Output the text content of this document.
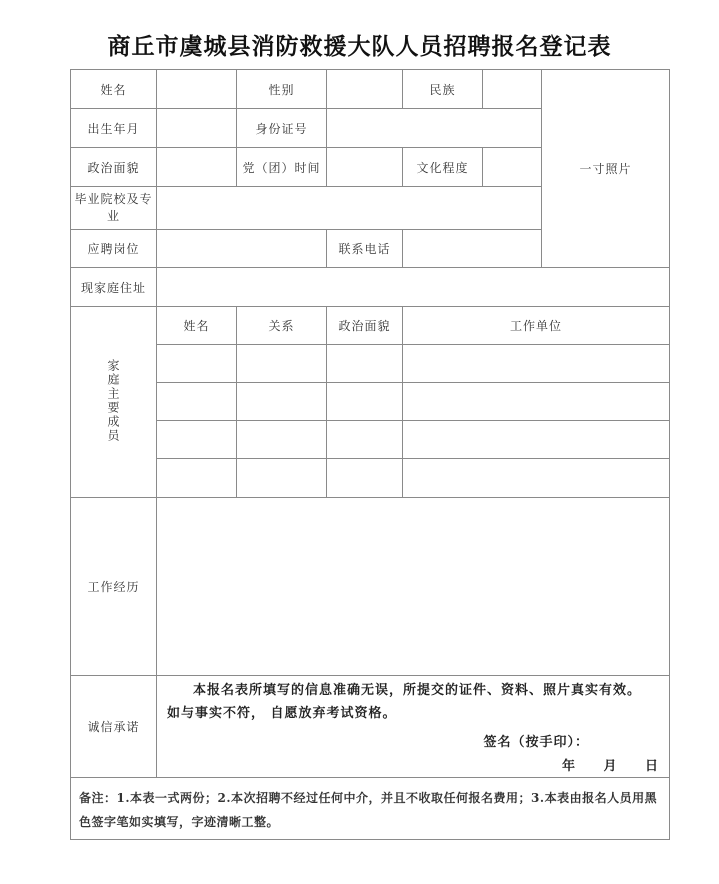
商丘市虞城县消防救援大队人员招聘报名登记表
姓名		性别		民族		一寸照片
出生年月		身份证号				
政治面貌		党（团）时间		文化程度		
毕业院校及专业						
应聘岗位			联系电话			
现家庭住址						
家庭主要成员	姓名	关系	政治面貌	工作单位		

工作经历						
诚信承诺	本报名表所填写的信息准确无误，所提交的证件、资料、照片真实有效。

如与事实不符， 自愿放弃考试资格。

签名（按手印）：
年 月 日					

备注：1.本表一式两份；2.本次招聘不经过任何中介，并且不收取任何报名费用；3.本表由报名人员用黑色签字笔如实填写，字迹清晰工整。						
